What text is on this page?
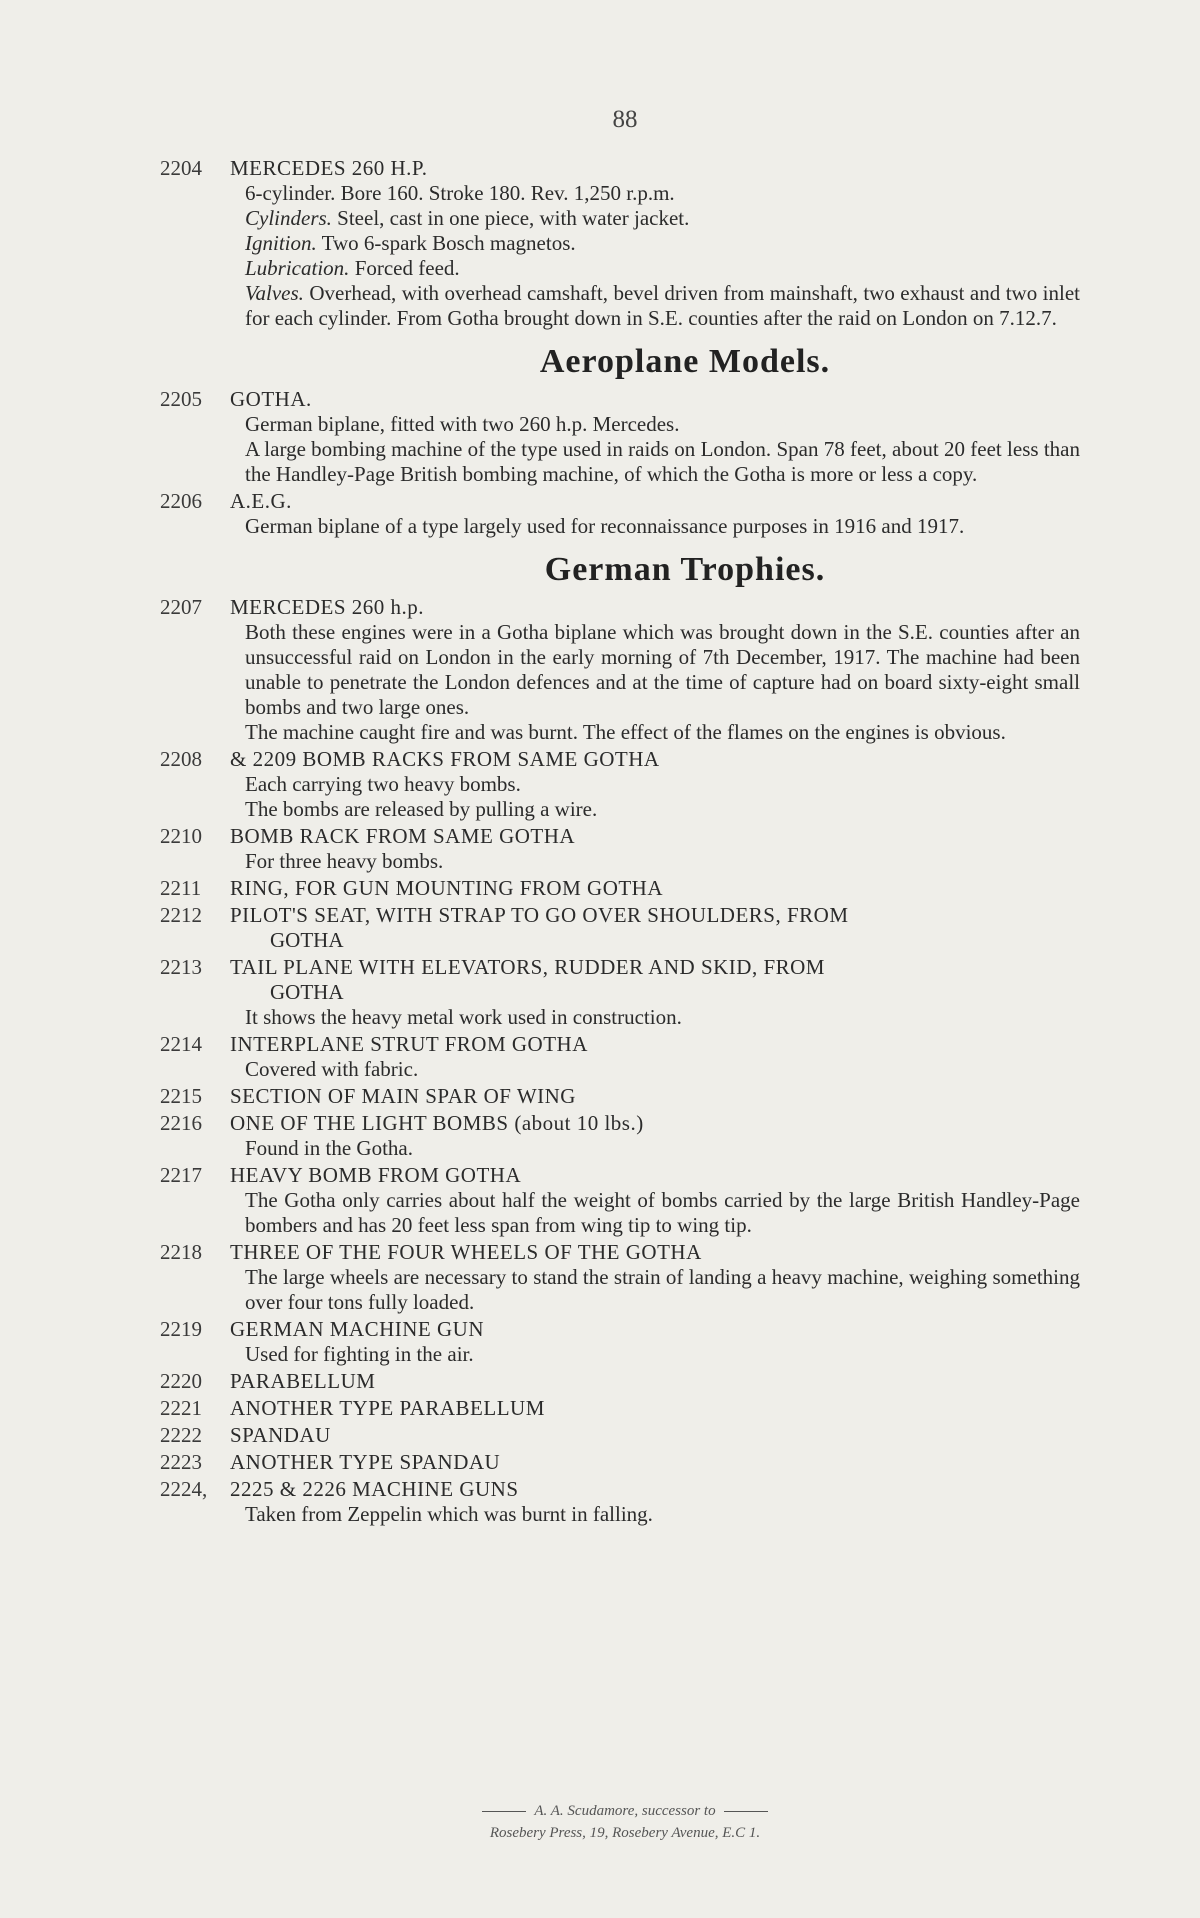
88
2204	MERCEDES 260 H.P.
6-cylinder. Bore 160. Stroke 180. Rev. 1,250 r.p.m.
Cylinders. Steel, cast in one piece, with water jacket.
Ignition. Two 6-spark Bosch magnetos.
Lubrication. Forced feed.
Valves. Overhead, with overhead camshaft, bevel driven from mainshaft, two exhaust and two inlet for each cylinder. From Gotha brought down in S.E. counties after the raid on London on 7.12.7.
Aeroplane Models.
2205	GOTHA.
German biplane, fitted with two 260 h.p. Mercedes.
A large bombing machine of the type used in raids on London. Span 78 feet, about 20 feet less than the Handley-Page British bombing machine, of which the Gotha is more or less a copy.
2206	A.E.G.
German biplane of a type largely used for reconnaissance purposes in 1916 and 1917.
German Trophies.
2207	MERCEDES 260 h.p.
Both these engines were in a Gotha biplane which was brought down in the S.E. counties after an unsuccessful raid on London in the early morning of 7th December, 1917. The machine had been unable to penetrate the London defences and at the time of capture had on board sixty-eight small bombs and two large ones.
The machine caught fire and was burnt. The effect of the flames on the engines is obvious.
2208	& 2209 BOMB RACKS FROM SAME GOTHA
Each carrying two heavy bombs.
The bombs are released by pulling a wire.
2210	BOMB RACK FROM SAME GOTHA
For three heavy bombs.
2211	RING, FOR GUN MOUNTING FROM GOTHA
2212	PILOT'S SEAT, WITH STRAP TO GO OVER SHOULDERS, FROM
GOTHA
2213	TAIL PLANE WITH ELEVATORS, RUDDER AND SKID, FROM
GOTHA
It shows the heavy metal work used in construction.
2214	INTERPLANE STRUT FROM GOTHA
Covered with fabric.
2215	SECTION OF MAIN SPAR OF WING
2216	ONE OF THE LIGHT BOMBS (about 10 lbs.)
Found in the Gotha.
2217	HEAVY BOMB FROM GOTHA
The Gotha only carries about half the weight of bombs carried by the large British Handley-Page bombers and has 20 feet less span from wing tip to wing tip.
2218	THREE OF THE FOUR WHEELS OF THE GOTHA
The large wheels are necessary to stand the strain of landing a heavy machine, weighing something over four tons fully loaded.
2219	GERMAN MACHINE GUN
Used for fighting in the air.
2220	PARABELLUM
2221	ANOTHER TYPE PARABELLUM
2222	SPANDAU
2223	ANOTHER TYPE SPANDAU
2224,	2225 & 2226 MACHINE GUNS
Taken from Zeppelin which was burnt in falling.
A. A. Scudamore, successor to
Rosebery Press, 19, Rosebery Avenue, E.C 1.
